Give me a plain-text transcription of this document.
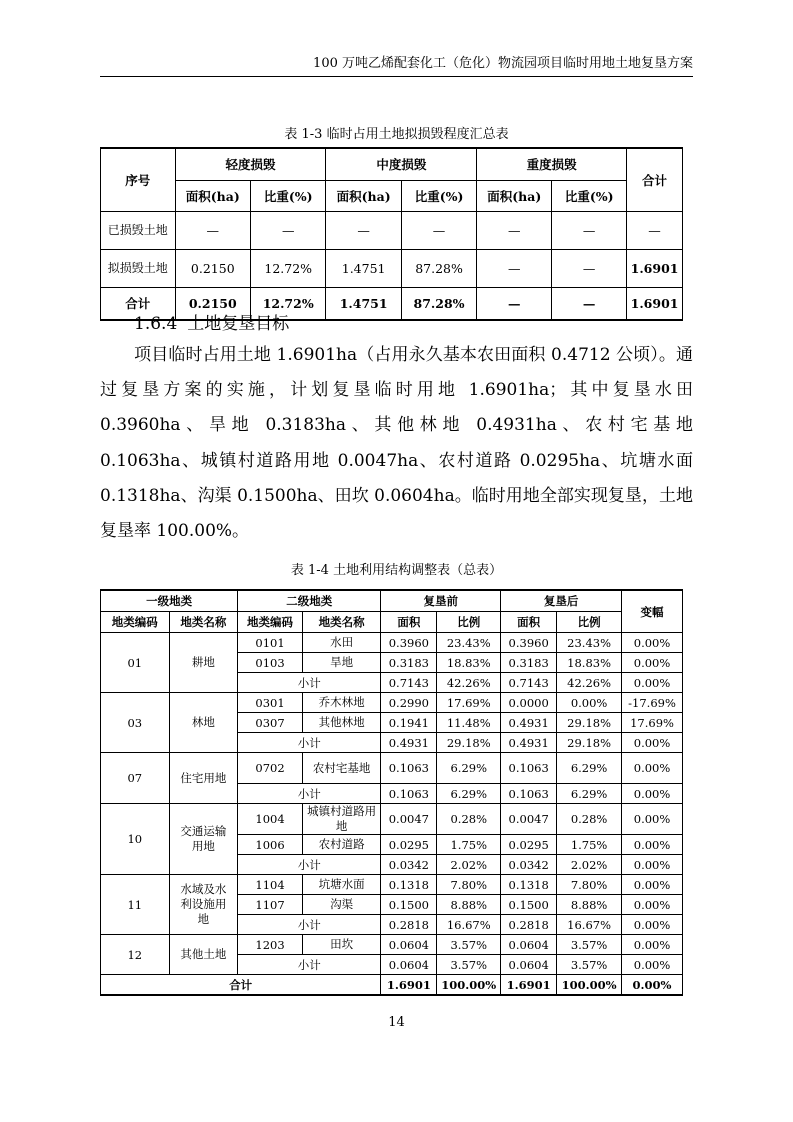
100 万吨乙烯配套化工（危化）物流园项目临时用地土地复垦方案
表 1-3 临时占用土地拟损毁程度汇总表
序号	轻度损毁		中度损毁		重度损毁		合计
	面积(ha)	比重(%)	面积(ha)	比重(%)	面积(ha)	比重(%)	
已损毁土地	—	—	—	—	—	—	—
拟损毁土地	0.2150	12.72%	1.4751	87.28%	—	—	1.6901
合计	0.2150	12.72%	1.4751	87.28%	—	—	1.6901
1.6.4 土地复垦目标
项目临时占用土地 1.6901ha（占用永久基本农田面积 0.4712 公顷）。通过复垦方案的实施，计划复垦临时用地 1.6901ha；其中复垦水田 0.3960ha、旱地 0.3183ha、其他林地 0.4931ha、农村宅基地 0.1063ha、城镇村道路用地 0.0047ha、农村道路 0.0295ha、坑塘水面 0.1318ha、沟渠 0.1500ha、田坎 0.0604ha。临时用地全部实现复垦，土地复垦率 100.00%。
表 1-4 土地利用结构调整表（总表）
一级地类		二级地类		复垦前		复垦后		变幅
地类编码	地类名称	地类编码	地类名称	面积	比例	面积	比例	
01	耕地	0101	水田	0.3960	23.43%	0.3960	23.43%	0.00%
		0103	旱地	0.3183	18.83%	0.3183	18.83%	0.00%
		小计		0.7143	42.26%	0.7143	42.26%	0.00%
03	林地	0301	乔木林地	0.2990	17.69%	0.0000	0.00%	-17.69%
		0307	其他林地	0.1941	11.48%	0.4931	29.18%	17.69%
		小计		0.4931	29.18%	0.4931	29.18%	0.00%
07	住宅用地	0702	农村宅基地	0.1063	6.29%	0.1063	6.29%	0.00%
		小计		0.1063	6.29%	0.1063	6.29%	0.00%
10	交通运输用地	1004	城镇村道路用地	0.0047	0.28%	0.0047	0.28%	0.00%
		1006	农村道路	0.0295	1.75%	0.0295	1.75%	0.00%
		小计		0.0342	2.02%	0.0342	2.02%	0.00%
11	水域及水利设施用地	1104	坑塘水面	0.1318	7.80%	0.1318	7.80%	0.00%
		1107	沟渠	0.1500	8.88%	0.1500	8.88%	0.00%
		小计		0.2818	16.67%	0.2818	16.67%	0.00%
12	其他土地	1203	田坎	0.0604	3.57%	0.0604	3.57%	0.00%
		小计		0.0604	3.57%	0.0604	3.57%	0.00%
合计				1.6901	100.00%	1.6901	100.00%	0.00%
14
